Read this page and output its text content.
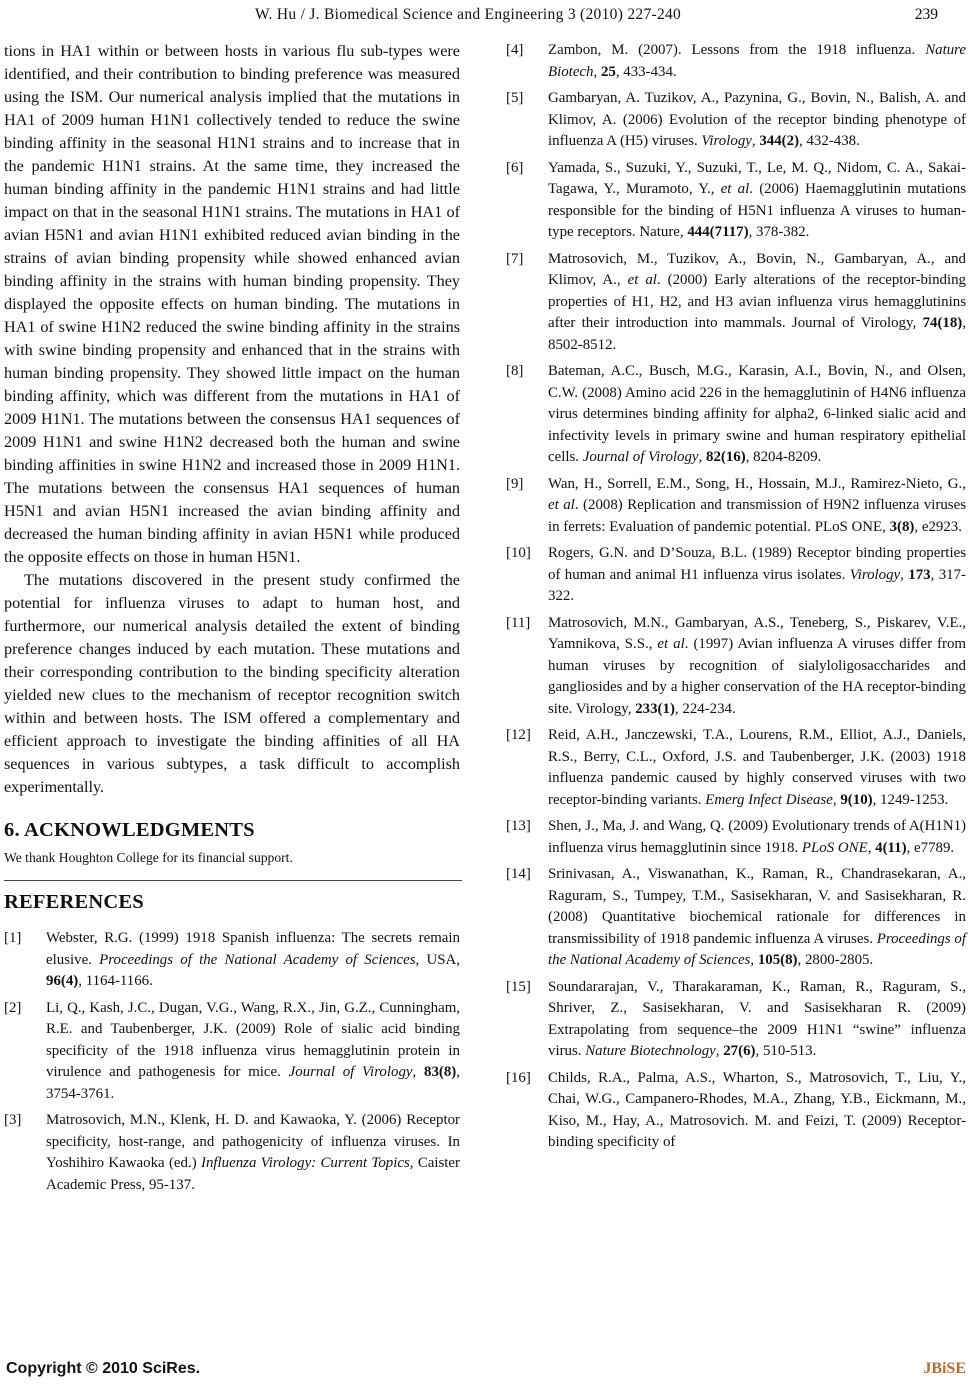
W. Hu / J. Biomedical Science and Engineering 3 (2010) 227-240	239

tions in HA1 within or between hosts in various flu sub-types were identified, and their contribution to binding preference was measured using the ISM. Our numerical analysis implied that the mutations in HA1 of 2009 human H1N1 collectively tended to reduce the swine binding affinity in the seasonal H1N1 strains and to increase that in the pandemic H1N1 strains. At the same time, they increased the human binding affinity in the pandemic H1N1 strains and had little impact on that in the seasonal H1N1 strains. The mutations in HA1 of avian H5N1 and avian H1N1 exhibited reduced avian binding in the strains of avian binding propensity while showed enhanced avian binding affinity in the strains with human binding propensity. They displayed the opposite effects on human binding. The mutations in HA1 of swine H1N2 reduced the swine binding affinity in the strains with swine binding propensity and enhanced that in the strains with human binding propensity. They showed little impact on the human binding affinity, which was different from the mutations in HA1 of 2009 H1N1. The mutations between the consensus HA1 sequences of 2009 H1N1 and swine H1N2 decreased both the human and swine binding affinities in swine H1N2 and increased those in 2009 H1N1. The mutations between the consensus HA1 sequences of human H5N1 and avian H5N1 increased the avian binding affinity and decreased the human binding affinity in avian H5N1 while produced the opposite effects on those in human H5N1.

The mutations discovered in the present study confirmed the potential for influenza viruses to adapt to human host, and furthermore, our numerical analysis detailed the extent of binding preference changes induced by each mutation. These mutations and their corresponding contribution to the binding specificity alteration yielded new clues to the mechanism of receptor recognition switch within and between hosts. The ISM offered a complementary and efficient approach to investigate the binding affinities of all HA sequences in various subtypes, a task difficult to accomplish experimentally.

6. ACKNOWLEDGMENTS
We thank Houghton College for its financial support.
REFERENCES
[1] Webster, R.G. (1999) 1918 Spanish influenza: The secrets remain elusive. Proceedings of the National Academy of Sciences, USA, 96(4), 1164-1166.
[2] Li, Q., Kash, J.C., Dugan, V.G., Wang, R.X., Jin, G.Z., Cunningham, R.E. and Taubenberger, J.K. (2009) Role of sialic acid binding specificity of the 1918 influenza virus hemagglutinin protein in virulence and pathogenesis for mice. Journal of Virology, 83(8), 3754-3761.
[3] Matrosovich, M.N., Klenk, H. D. and Kawaoka, Y. (2006) Receptor specificity, host-range, and pathogenicity of influenza viruses. In Yoshihiro Kawaoka (ed.) Influenza Virology: Current Topics, Caister Academic Press, 95-137.
[4] Zambon, M. (2007). Lessons from the 1918 influenza. Nature Biotech, 25, 433-434.
[5] Gambaryan, A. Tuzikov, A., Pazynina, G., Bovin, N., Balish, A. and Klimov, A. (2006) Evolution of the receptor binding phenotype of influenza A (H5) viruses. Virology, 344(2), 432-438.
[6] Yamada, S., Suzuki, Y., Suzuki, T., Le, M. Q., Nidom, C. A., Sakai-Tagawa, Y., Muramoto, Y., et al. (2006) Haemagglutinin mutations responsible for the binding of H5N1 influenza A viruses to human-type receptors. Nature, 444(7117), 378-382.
[7] Matrosovich, M., Tuzikov, A., Bovin, N., Gambaryan, A., and Klimov, A., et al. (2000) Early alterations of the receptor-binding properties of H1, H2, and H3 avian influenza virus hemagglutinins after their introduction into mammals. Journal of Virology, 74(18), 8502-8512.
[8] Bateman, A.C., Busch, M.G., Karasin, A.I., Bovin, N., and Olsen, C.W. (2008) Amino acid 226 in the hemagglutinin of H4N6 influenza virus determines binding affinity for alpha2, 6-linked sialic acid and infectivity levels in primary swine and human respiratory epithelial cells. Journal of Virology, 82(16), 8204-8209.
[9] Wan, H., Sorrell, E.M., Song, H., Hossain, M.J., Ramirez-Nieto, G., et al. (2008) Replication and transmission of H9N2 influenza viruses in ferrets: Evaluation of pandemic potential. PLoS ONE, 3(8), e2923.
[10] Rogers, G.N. and D’Souza, B.L. (1989) Receptor binding properties of human and animal H1 influenza virus isolates. Virology, 173, 317-322.
[11] Matrosovich, M.N., Gambaryan, A.S., Teneberg, S., Piskarev, V.E., Yamnikova, S.S., et al. (1997) Avian influenza A viruses differ from human viruses by recognition of sialyloligosaccharides and gangliosides and by a higher conservation of the HA receptor-binding site. Virology, 233(1), 224-234.
[12] Reid, A.H., Janczewski, T.A., Lourens, R.M., Elliot, A.J., Daniels, R.S., Berry, C.L., Oxford, J.S. and Taubenberger, J.K. (2003) 1918 influenza pandemic caused by highly conserved viruses with two receptor-binding variants. Emerg Infect Disease, 9(10), 1249-1253.
[13] Shen, J., Ma, J. and Wang, Q. (2009) Evolutionary trends of A(H1N1) influenza virus hemagglutinin since 1918. PLoS ONE, 4(11), e7789.
[14] Srinivasan, A., Viswanathan, K., Raman, R., Chandrasekaran, A., Raguram, S., Tumpey, T.M., Sasisekharan, V. and Sasisekharan, R. (2008) Quantitative biochemical rationale for differences in transmissibility of 1918 pandemic influenza A viruses. Proceedings of the National Academy of Sciences, 105(8), 2800-2805.
[15] Soundararajan, V., Tharakaraman, K., Raman, R., Raguram, S., Shriver, Z., Sasisekharan, V. and Sasisekharan R. (2009) Extrapolating from sequence–the 2009 H1N1 “swine” influenza virus. Nature Biotechnology, 27(6), 510-513.
[16] Childs, R.A., Palma, A.S., Wharton, S., Matrosovich, T., Liu, Y., Chai, W.G., Campanero-Rhodes, M.A., Zhang, Y.B., Eickmann, M., Kiso, M., Hay, A., Matrosovich. M. and Feizi, T. (2009) Receptor-binding specificity of
Copyright © 2010 SciRes.	JBiSE
